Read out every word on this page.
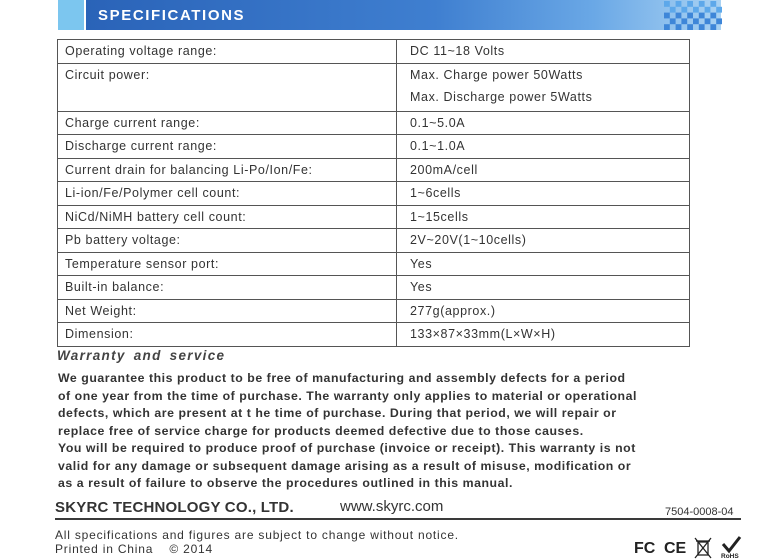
SPECIFICATIONS
Operating voltage range:	DC 11~18 Volts

Circuit power:	Max. Charge power 50Watts
Max. Discharge power 5Watts

Charge current range:	0.1~5.0A

Discharge current range:	0.1~1.0A

Current drain for balancing Li-Po/Ion/Fe:	200mA/cell

Li-ion/Fe/Polymer cell count:	1~6cells

NiCd/NiMH battery cell count:	1~15cells

Pb battery voltage:	2V~20V(1~10cells)

Temperature sensor port:	Yes

Built-in balance:	Yes

Net Weight:	277g(approx.)

Dimension:	133×87×33mm(L×W×H)
Warranty and service
We guarantee this product to be free of manufacturing and assembly defects for a period
of one year from the time of purchase. The warranty only applies to material or operational
defects, which are present at t he time of purchase. During that period, we will repair or
replace free of service charge for products deemed defective due to those causes.
You will be required to produce proof of purchase (invoice or receipt). This warranty is not
valid for any damage or subsequent damage arising as a result of misuse, modification or
as a result of failure to observe the procedures outlined in this manual.
SKYRC TECHNOLOGY CO., LTD.	www.skyrc.com	7504-0008-04
All specifications and figures are subject to change without notice.
Printed in China © 2014	FC CE	RoHS
